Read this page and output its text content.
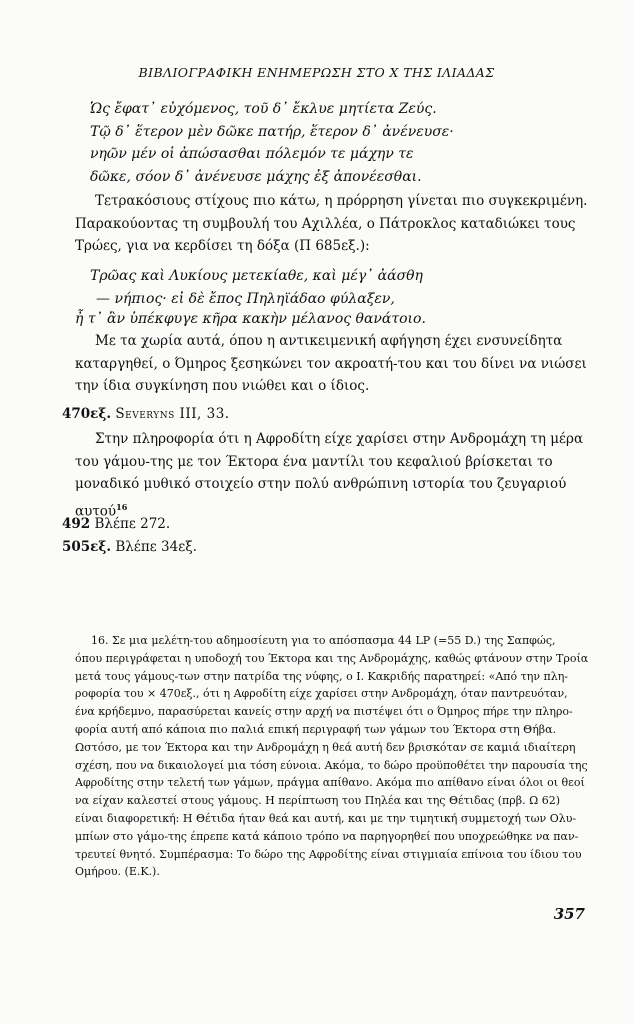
ΒΙΒΛΙΟΓΡΑΦΙΚΗ ΕΝΗΜΕΡΩΣΗ ΣΤΟ Χ ΤΗΣ ΙΛΙΑΔΑΣ
Ὡς ἔφατ᾽ εὐχόμενος, τοῦ δ᾽ ἔκλυε μητίετα Ζεύς.
Τῷ δ᾽ ἕτερον μὲν δῶκε πατήρ, ἕτερον δ᾽ ἀνένευσε·
νηῶν μέν οἱ ἀπώσασθαι πόλεμόν τε μάχην τε
δῶκε, σόον δ᾽ ἀνένευσε μάχης ἐξ ἀπονέεσθαι.
Τετρακόσιους στίχους πιο κάτω, η πρόρρηση γίνεται πιο συγκεκριμένη.
Παρακούοντας τη συμβουλή του Αχιλλέα, ο Πάτροκλος καταδιώκει τους
Τρώες, για να κερδίσει τη δόξα (Π 685εξ.):
Τρῶας καὶ Λυκίους μετεκίαθε, καὶ μέγ᾽ ἀάσθη
— νήπιος· εἰ δὲ ἔπος Πηληϊάδαο φύλαξεν,
ἦ τ᾽ ἂν ὑπέκφυγε κῆρα κακὴν μέλανος θανάτοιο.
Με τα χωρία αυτά, όπου η αντικειμενική αφήγηση έχει ενσυνείδητα
καταργηθεί, ο Όμηρος ξεσηκώνει τον ακροατή-του και του δίνει να νιώσει
την ίδια συγκίνηση που νιώθει και ο ίδιος.
470εξ. Severyns III, 33.
Στην πληροφορία ότι η Αφροδίτη είχε χαρίσει στην Ανδρομάχη τη μέρα
του γάμου-της με τον Έκτορα ένα μαντίλι του κεφαλιού βρίσκεται το
μοναδικό μυθικό στοιχείο στην πολύ ανθρώπινη ιστορία του ζευγαριού
αυτού$^{16}$
492 Βλέπε 272.
505εξ. Βλέπε 34εξ.
16. Σε μια μελέτη-του αδημοσίευτη για το απόσπασμα 44 LP (=55 D.) της Σαπφώς,
όπου περιγράφεται η υποδοχή του Έκτορα και της Ανδρομάχης, καθώς φτάνουν στην Τροία
μετά τους γάμους-των στην πατρίδα της νύφης, ο Ι. Κακριδής παρατηρεί: «Από την πλη-
ροφορία του × 470εξ., ότι η Αφροδίτη είχε χαρίσει στην Ανδρομάχη, όταν παντρευόταν,
ένα κρήδεμνο, παρασύρεται κανείς στην αρχή να πιστέψει ότι ο Όμηρος πήρε την πληρο-
φορία αυτή από κάποια πιο παλιά επική περιγραφή των γάμων του Έκτορα στη Θήβα.
Ωστόσο, με τον Έκτορα και την Ανδρομάχη η θεά αυτή δεν βρισκόταν σε καμιά ιδιαίτερη
σχέση, που να δικαιολογεί μια τόση εύνοια. Ακόμα, το δώρο προϋποθέτει την παρουσία της
Αφροδίτης στην τελετή των γάμων, πράγμα απίθανο. Ακόμα πιο απίθανο είναι όλοι οι θεοί
να είχαν καλεστεί στους γάμους. Η περίπτωση του Πηλέα και της Θέτιδας (πρβ. Ω 62)
είναι διαφορετική: Η Θέτιδα ήταν θεά και αυτή, και με την τιμητική συμμετοχή των Ολυ-
μπίων στο γάμο-της έπρεπε κατά κάποιο τρόπο να παρηγορηθεί που υποχρεώθηκε να παν-
τρευτεί θνητό. Συμπέρασμα: Το δώρο της Αφροδίτης είναι στιγμιαία επίνοια του ίδιου του
Ομήρου. (Ε.Κ.).
357
